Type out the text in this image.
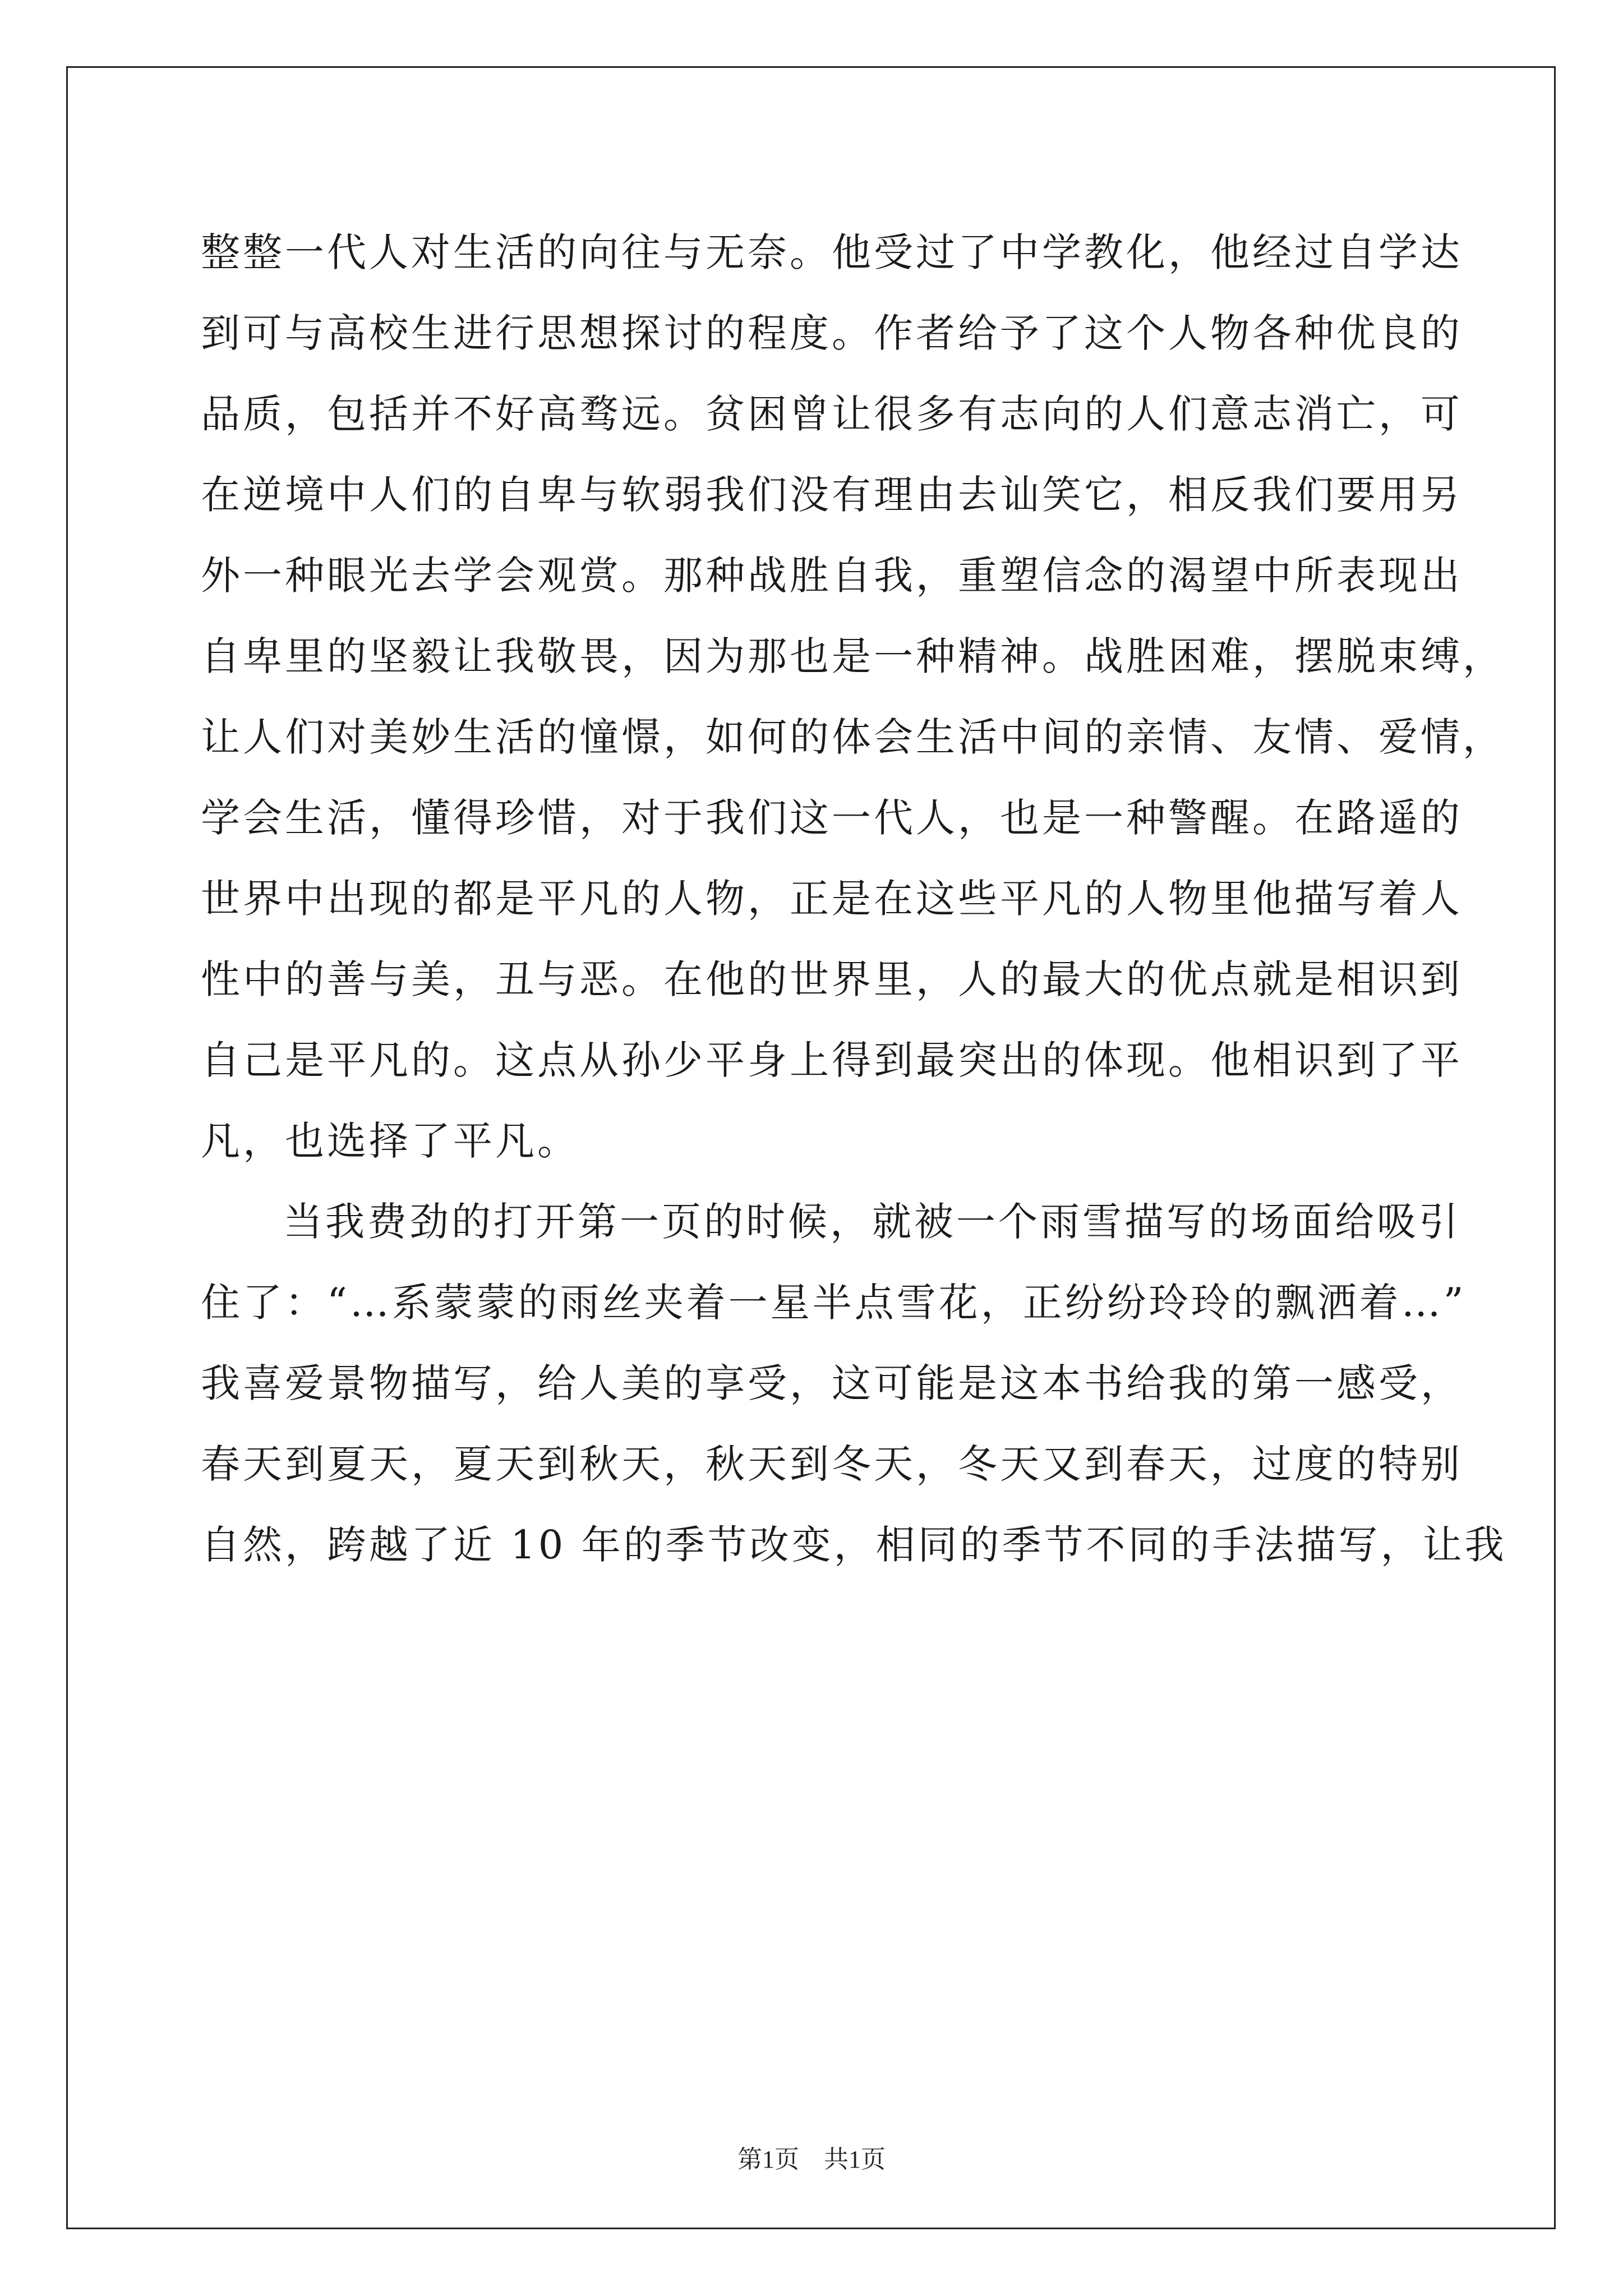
整整一代人对生活的向往与无奈。他受过了中学教化，他经过自学达
到可与高校生进行思想探讨的程度。作者给予了这个人物各种优良的
品质，包括并不好高骛远。贫困曾让很多有志向的人们意志消亡，可
在逆境中人们的自卑与软弱我们没有理由去讪笑它，相反我们要用另
外一种眼光去学会观赏。那种战胜自我，重塑信念的渴望中所表现出
自卑里的坚毅让我敬畏，因为那也是一种精神。战胜困难，摆脱束缚，
让人们对美妙生活的憧憬，如何的体会生活中间的亲情、友情、爱情，
学会生活，懂得珍惜，对于我们这一代人，也是一种警醒。在路遥的
世界中出现的都是平凡的人物，正是在这些平凡的人物里他描写着人
性中的善与美，丑与恶。在他的世界里，人的最大的优点就是相识到
自己是平凡的。这点从孙少平身上得到最突出的体现。他相识到了平
凡，也选择了平凡。
当我费劲的打开第一页的时候，就被一个雨雪描写的场面给吸引
住了：“…系蒙蒙的雨丝夹着一星半点雪花，正纷纷玲玲的飘洒着…”
我喜爱景物描写，给人美的享受，这可能是这本书给我的第一感受，
春天到夏天，夏天到秋天，秋天到冬天，冬天又到春天，过度的特别
自然，跨越了近 10 年的季节改变，相同的季节不同的手法描写，让我
第1页　共1页
